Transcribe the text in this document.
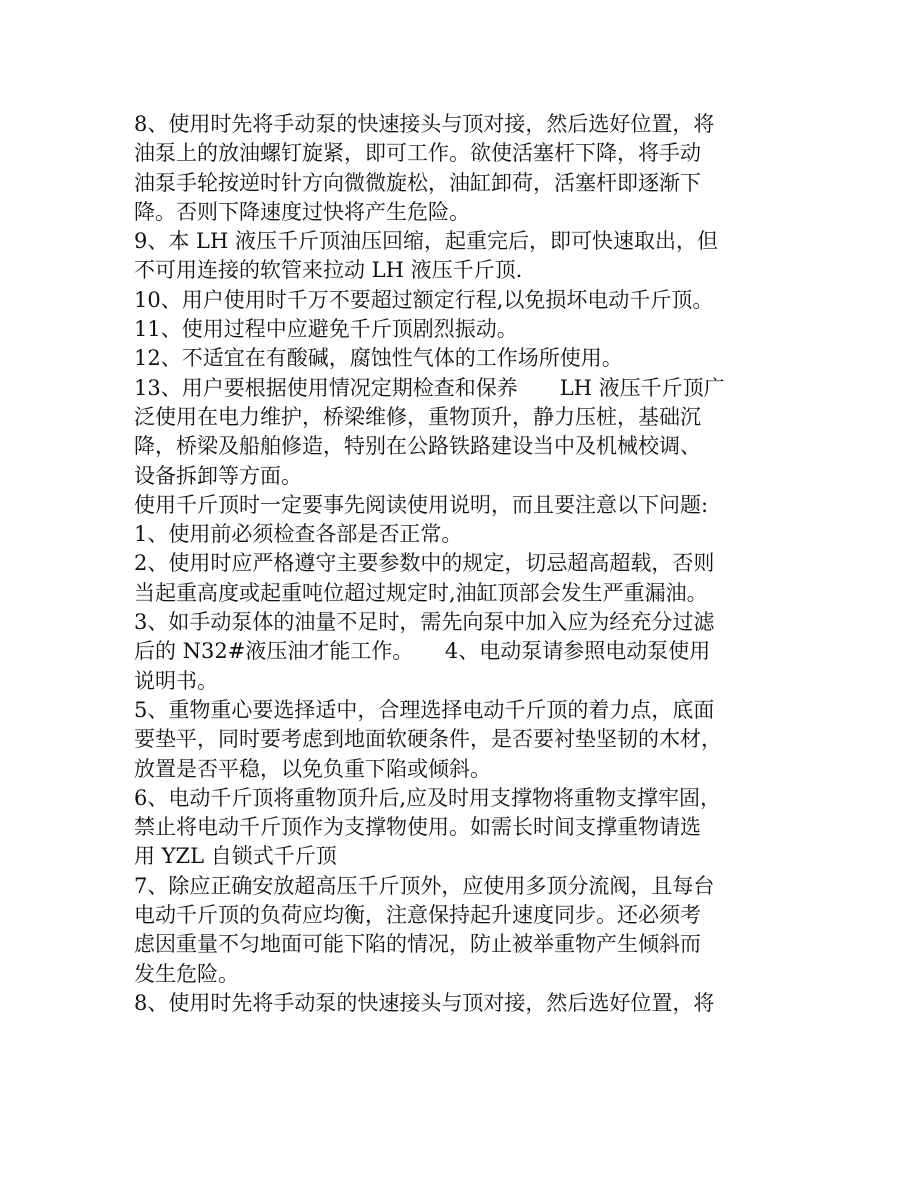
8、使用时先将手动泵的快速接头与顶对接，然后选好位置，将
油泵上的放油螺钉旋紧，即可工作。欲使活塞杆下降，将手动
油泵手轮按逆时针方向微微旋松，油缸卸荷，活塞杆即逐渐下
降。否则下降速度过快将产生危险。
9、本 LH 液压千斤顶油压回缩，起重完后，即可快速取出，但
不可用连接的软管来拉动 LH 液压千斤顶.
10、用户使用时千万不要超过额定行程,以免损坏电动千斤顶。
11、使用过程中应避免千斤顶剧烈振动。
12、不适宜在有酸碱，腐蚀性气体的工作场所使用。
13、用户要根据使用情况定期检查和保养　　LH 液压千斤顶广
泛使用在电力维护，桥梁维修，重物顶升，静力压桩，基础沉
降，桥梁及船舶修造，特别在公路铁路建设当中及机械校调、
设备拆卸等方面。
使用千斤顶时一定要事先阅读使用说明，而且要注意以下问题:
1、使用前必须检查各部是否正常。
2、使用时应严格遵守主要参数中的规定，切忌超高超载，否则
当起重高度或起重吨位超过规定时,油缸顶部会发生严重漏油。
3、如手动泵体的油量不足时，需先向泵中加入应为经充分过滤
后的 N32#液压油才能工作。　　4、电动泵请参照电动泵使用
说明书。
5、重物重心要选择适中，合理选择电动千斤顶的着力点，底面
要垫平，同时要考虑到地面软硬条件，是否要衬垫坚韧的木材，
放置是否平稳，以免负重下陷或倾斜。
6、电动千斤顶将重物顶升后,应及时用支撑物将重物支撑牢固，
禁止将电动千斤顶作为支撑物使用。如需长时间支撑重物请选
用 YZL 自锁式千斤顶
7、除应正确安放超高压千斤顶外，应使用多顶分流阀，且每台
电动千斤顶的负荷应均衡，注意保持起升速度同步。还必须考
虑因重量不匀地面可能下陷的情况，防止被举重物产生倾斜而
发生危险。
8、使用时先将手动泵的快速接头与顶对接，然后选好位置，将
